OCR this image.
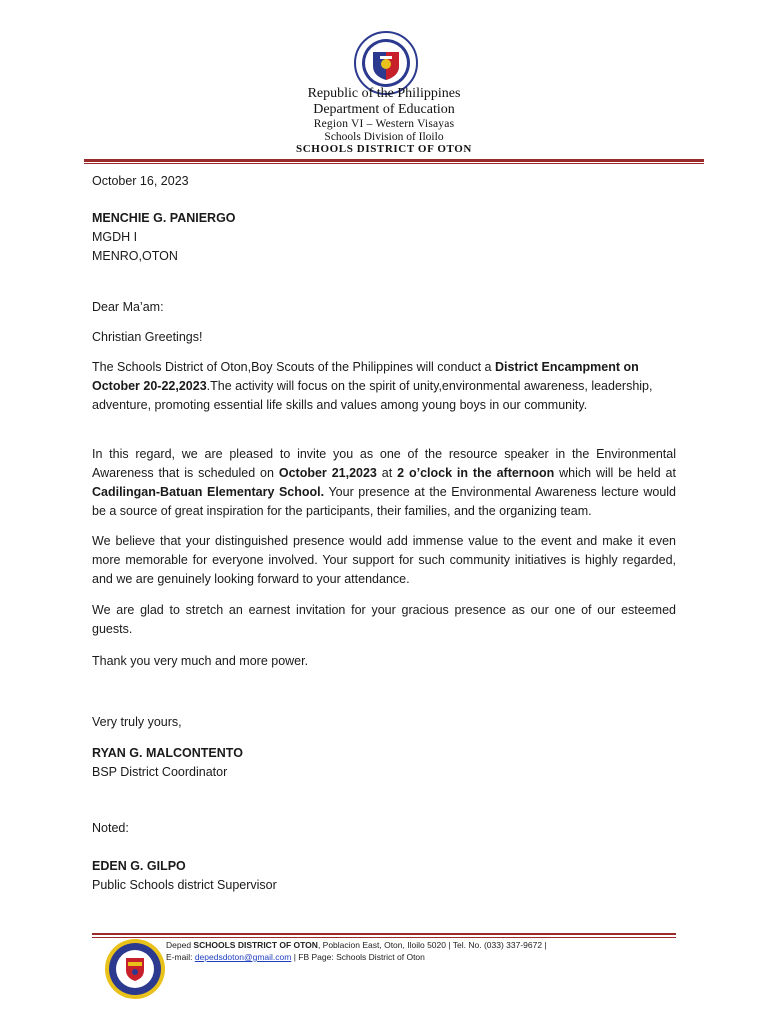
Republic of the Philippines
Department of Education
Region VI – Western Visayas
Schools Division of Iloilo
SCHOOLS DISTRICT OF OTON
October 16, 2023
MENCHIE G. PANIERGO
MGDH I
MENRO,OTON
Dear Ma’am:
Christian Greetings!
The Schools District of Oton,Boy Scouts of the Philippines will conduct a District Encampment on October 20-22,2023.The activity will focus on the spirit of unity,environmental awareness, leadership, adventure, promoting essential life skills and values among young boys in our community.
In this regard, we are pleased to invite you as one of the resource speaker in the Environmental Awareness that is scheduled on October 21,2023 at 2 o’clock in the afternoon which will be held at Cadilingan-Batuan Elementary School. Your presence at the Environmental Awareness lecture would be a source of great inspiration for the participants, their families, and the organizing team.
We believe that your distinguished presence would add immense value to the event and make it even more memorable for everyone involved. Your support for such community initiatives is highly regarded, and we are genuinely looking forward to your attendance.
We are glad to stretch an earnest invitation for your gracious presence as our one of our esteemed guests.
Thank you very much and more power.
Very truly yours,
RYAN G. MALCONTENTO
BSP District Coordinator
Noted:
EDEN G. GILPO
Public Schools district Supervisor
Deped SCHOOLS DISTRICT OF OTON, Poblacion East, Oton, Iloilo 5020 | Tel. No. (033) 337-9672 |
E-mail: depedsdoton@gmail.com | FB Page: Schools District of Oton
